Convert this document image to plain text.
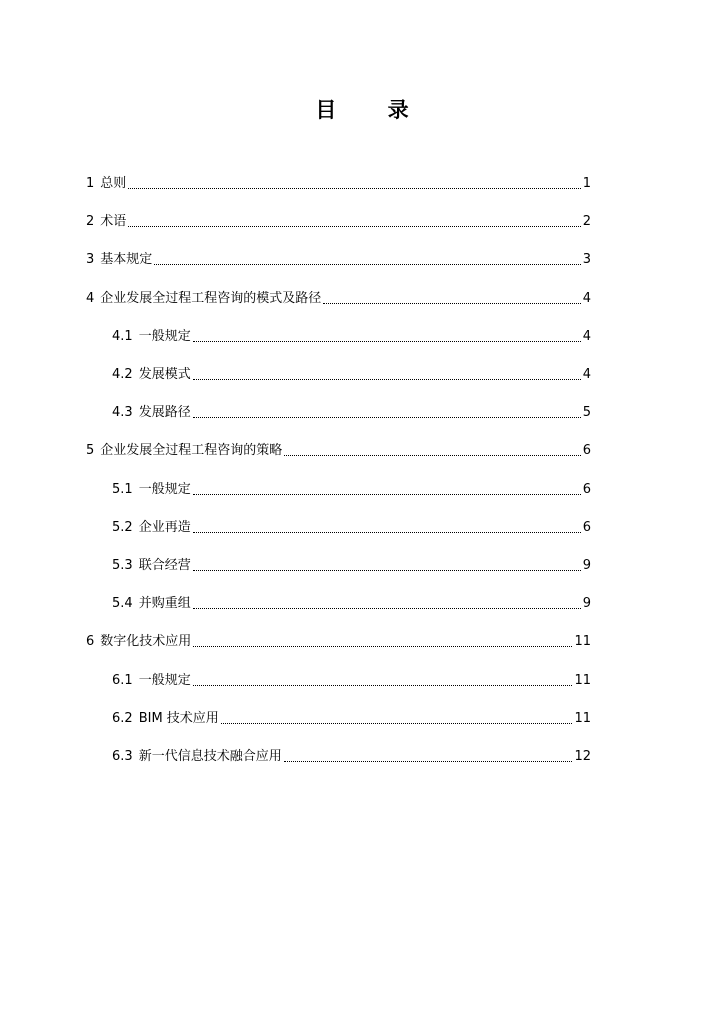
目 录
1 总则	1
2 术语	2
3 基本规定	3
4 企业发展全过程工程咨询的模式及路径	4
4.1 一般规定	4
4.2 发展模式	4
4.3 发展路径	5
5 企业发展全过程工程咨询的策略	6
5.1 一般规定	6
5.2 企业再造	6
5.3 联合经营	9
5.4 并购重组	9
6 数字化技术应用	11
6.1 一般规定	11
6.2 BIM 技术应用	11
6.3 新一代信息技术融合应用	12
